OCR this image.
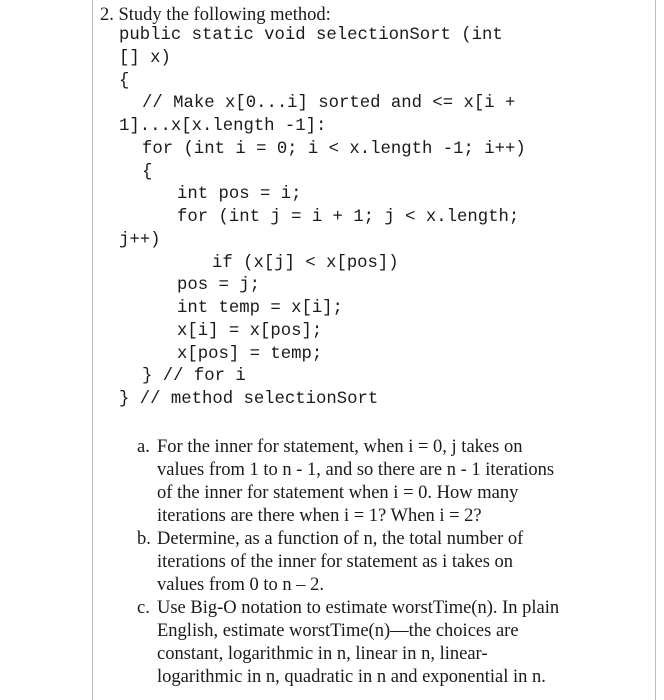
2. Study the following method:
public static void selectionSort (int
[] x)
{
// Make x[0...i] sorted and <= x[i +
1]...x[x.length -1]:
for (int i = 0; i < x.length -1; i++)
{
int pos = i;
for (int j = i + 1; j < x.length;
j++)
if (x[j] < x[pos])
pos = j;
int temp = x[i];
x[i] = x[pos];
x[pos] = temp;
} // for i
} // method selectionSort
a. For the inner for statement, when i = 0, j takes on
values from 1 to n - 1, and so there are n - 1 iterations
of the inner for statement when i = 0. How many
iterations are there when i = 1? When i = 2?
b. Determine, as a function of n, the total number of
iterations of the inner for statement as i takes on
values from 0 to n – 2.
c. Use Big-O notation to estimate worstTime(n). In plain
English, estimate worstTime(n)—the choices are
constant, logarithmic in n, linear in n, linear-
logarithmic in n, quadratic in n and exponential in n.
